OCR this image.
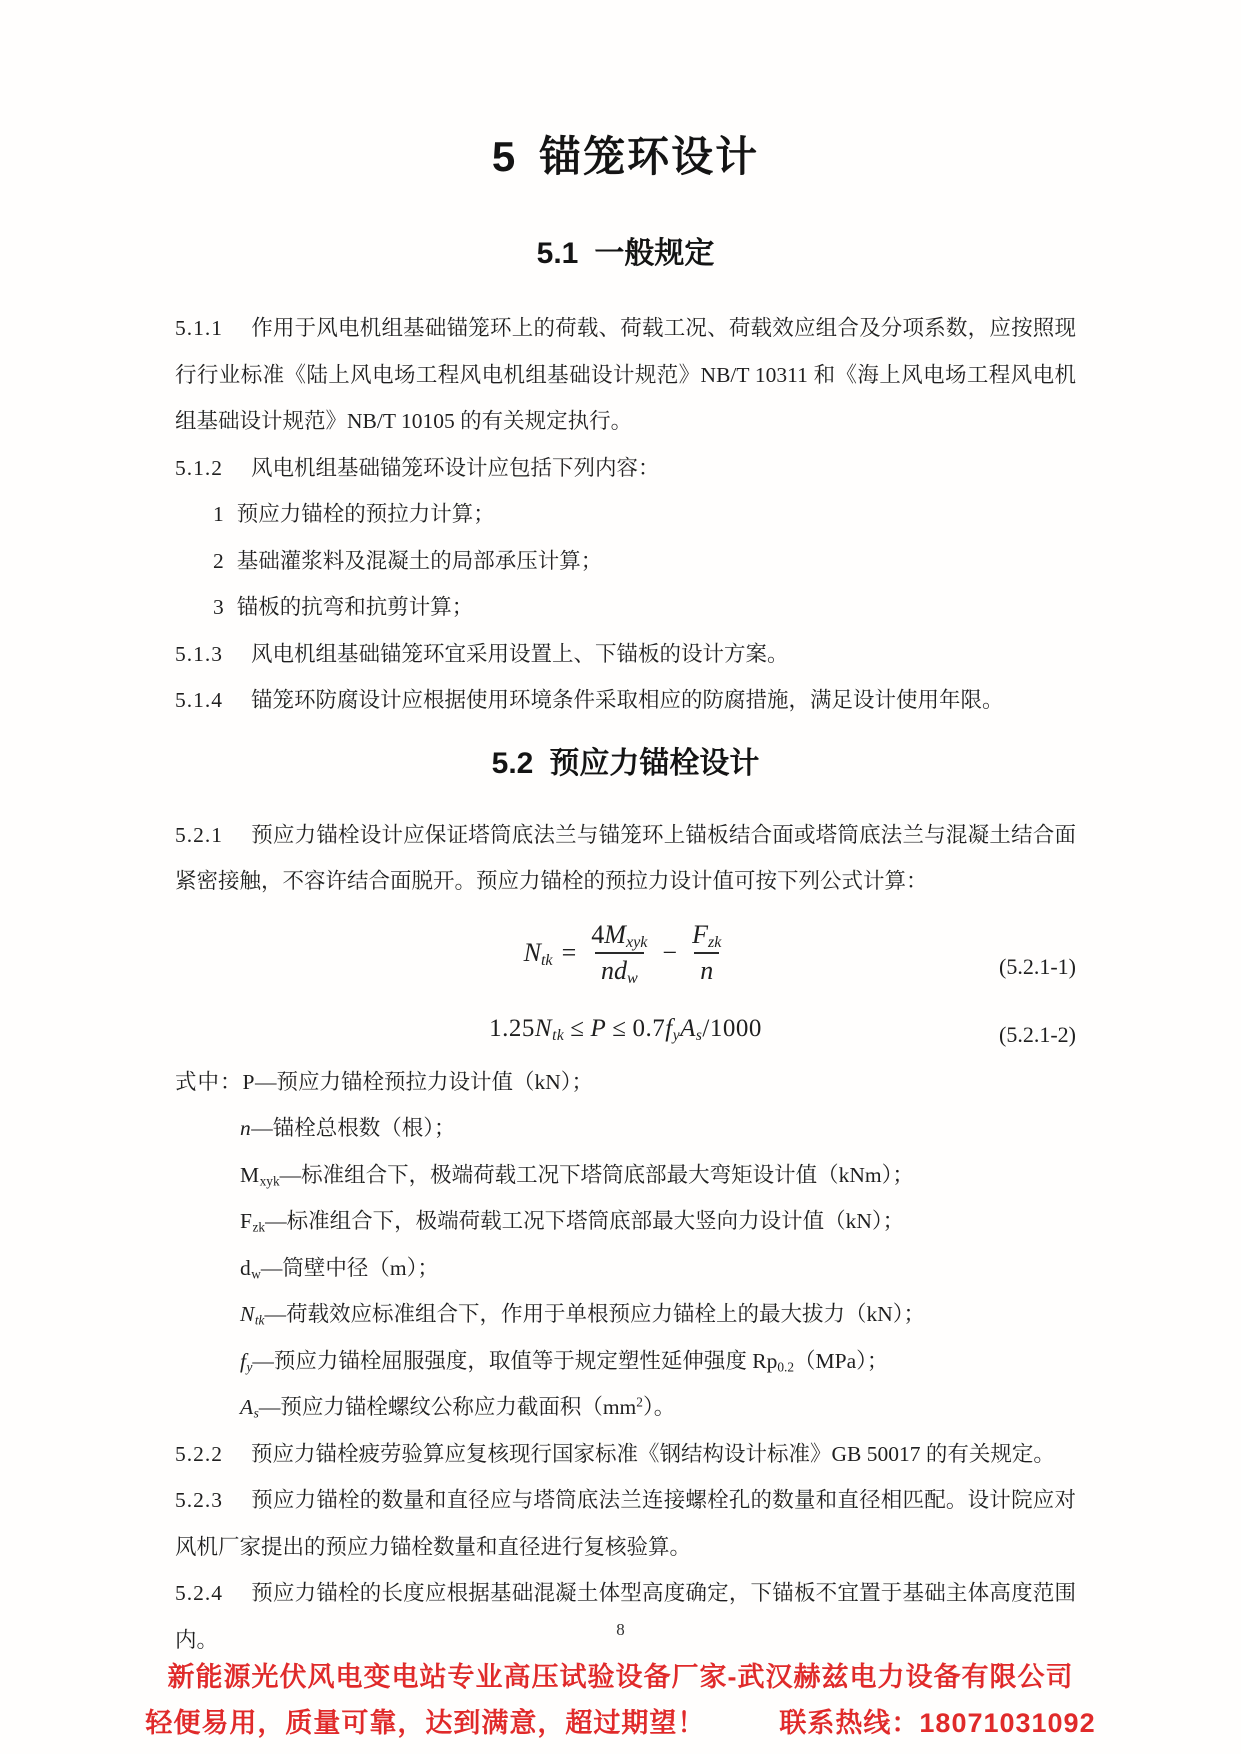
5 锚笼环设计
5.1 一般规定

5.1.1 作用于风电机组基础锚笼环上的荷载、荷载工况、荷载效应组合及分项系数，应按照现行行业标准《陆上风电场工程风电机组基础设计规范》NB/T 10311 和《海上风电场工程风电机组基础设计规范》NB/T 10105 的有关规定执行。

5.1.2 风电机组基础锚笼环设计应包括下列内容：

1 预应力锚栓的预拉力计算；

2 基础灌浆料及混凝土的局部承压计算；

3 锚板的抗弯和抗剪计算；

5.1.3 风电机组基础锚笼环宜采用设置上、下锚板的设计方案。

5.1.4 锚笼环防腐设计应根据使用环境条件采取相应的防腐措施，满足设计使用年限。

5.2 预应力锚栓设计

5.2.1 预应力锚栓设计应保证塔筒底法兰与锚笼环上锚板结合面或塔筒底法兰与混凝土结合面紧密接触，不容许结合面脱开。预应力锚栓的预拉力设计值可按下列公式计算：

$N_{tk} = \frac{4M_{xyk}}{nd_w} - \frac{F_{zk}}{n}$	(5.2.1-1)
$1.25N_{tk} \le P \le 0.7f_yA_s/1000$	(5.2.1-2)

式中：P—预应力锚栓预拉力设计值（kN）；

n—锚栓总根数（根）；

$M_{xyk}—$标准组合下，极端荷载工况下塔筒底部最大弯矩设计值（kNm）；

$F_{zk}—$标准组合下，极端荷载工况下塔筒底部最大竖向力设计值（kN）；

$d_w—$筒壁中径（m）；

$N_{tk}—$荷载效应标准组合下，作用于单根预应力锚栓上的最大拔力（kN）；

$f_y—$预应力锚栓屈服强度，取值等于规定塑性延伸强度 $Rp_{0.2}(MPa)$；

$A_s—$预应力锚栓螺纹公称应力截面积$(mm^2)$。

5.2.2 预应力锚栓疲劳验算应复核现行国家标准《钢结构设计标准》GB 50017 的有关规定。

5.2.3 预应力锚栓的数量和直径应与塔筒底法兰连接螺栓孔的数量和直径相匹配。设计院应对风机厂家提出的预应力锚栓数量和直径进行复核验算。

5.2.4 预应力锚栓的长度应根据基础混凝土体型高度确定，下锚板不宜置于基础主体高度范围内。	8
新能源光伏风电变电站专业高压试验设备厂家-武汉赫兹电力设备有限公司
轻便易用，质量可靠，达到满意，超过期望！	联系热线：18071031092
